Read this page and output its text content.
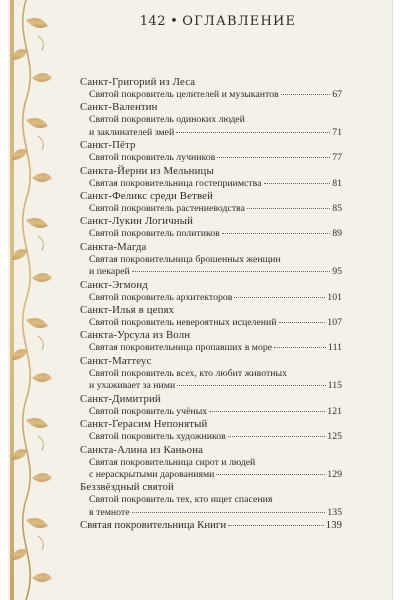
142 • ОГЛАВЛЕНИЕ
Санкт-Григорий из Леса
Святой покровитель целителей и музыкантов	67
Санкт-Валентин
Святой покровитель одиноких людей
и заклинателей змей	71
Санкт-Пётр
Святой покровитель лучников	77
Санкта-Йерни из Мельницы
Святая покровительница гостеприимства	81
Санкт-Феликс среди Ветвей
Святой покровитель растениеводства	85
Санкт-Лукин Логичный
Святой покровитель политиков	89
Санкта-Магда
Святая покровительница брошенных женщин
и пекарей	95
Санкт-Эгмонд
Святой покровитель архитекторов	101
Санкт-Илья в цепях
Святой покровитель невероятных исцелений	107
Санкта-Урсула из Волн
Святая покровительница пропавших в море	111
Санкт-Маттеус
Святой покровитель всех, кто любит животных
и ухаживает за ними	115
Санкт-Димитрий
Святой покровитель учёных	121
Санкт-Герасим Непонятый
Святой покровитель художников	125
Санкта-Алина из Каньона
Святая покровительница сирот и людей
с нераскрытыми дарованиями	129
Беззвёздный святой
Святой покровитель тех, кто ищет спасения
в темноте	135
Святая покровительница Книги	139
